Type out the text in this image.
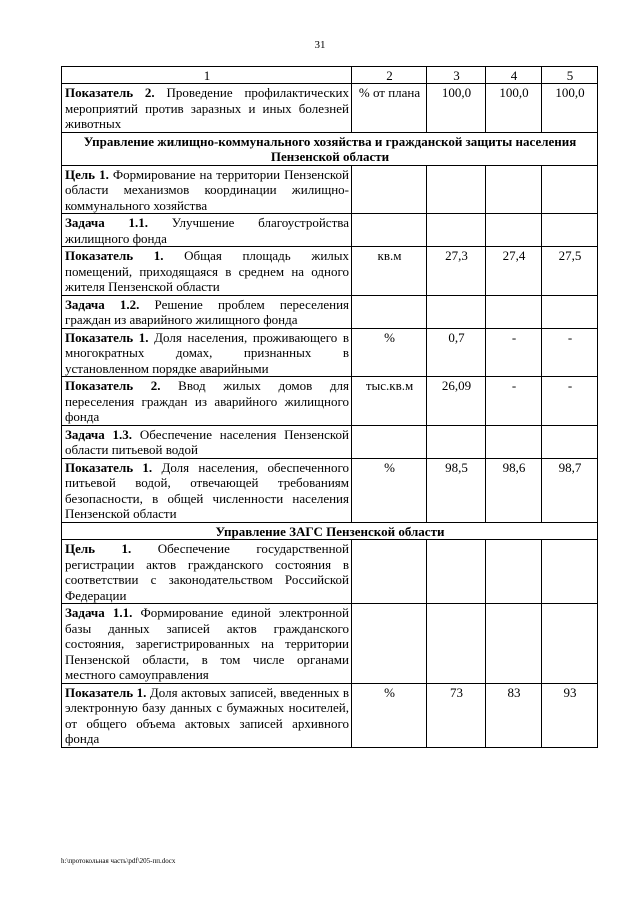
31
1	2	3	4	5
Показатель 2. Проведение профилактических мероприятий против заразных и иных болезней животных	% от плана	100,0	100,0	100,0
Управление жилищно-коммунального хозяйства и гражданской защиты населения Пензенской области				
Цель 1. Формирование на территории Пензенской области механизмов координации жилищно-коммунального хозяйства				
Задача 1.1. Улучшение благоустройства жилищного фонда				
Показатель 1. Общая площадь жилых помещений, приходящаяся в среднем на одного жителя Пензенской области	кв.м	27,3	27,4	27,5
Задача 1.2. Решение проблем переселения граждан из аварийного жилищного фонда				
Показатель 1. Доля населения, проживающего в многократных домах, признанных в установленном порядке аварийными	%	0,7	-	-
Показатель 2. Ввод жилых домов для переселения граждан из аварийного жилищного фонда	тыс.кв.м	26,09	-	-
Задача 1.3. Обеспечение населения Пензенской области питьевой водой				
Показатель 1. Доля населения, обеспеченного питьевой водой, отвечающей требованиям безопасности, в общей численности населения Пензенской области	%	98,5	98,6	98,7
Управление ЗАГС Пензенской области				
Цель 1. Обеспечение государственной регистрации актов гражданского состояния в соответствии с законодательством Российской Федерации				
Задача 1.1. Формирование единой электронной базы данных записей актов гражданского состояния, зарегистрированных на территории Пензенской области, в том числе органами местного самоуправления				
Показатель 1. Доля актовых записей, введенных в электронную базу данных с бумажных носителей, от общего объема актовых записей архивного фонда	%	73	83	93
h:\протокольная часть\pdf\205-пп.docx
